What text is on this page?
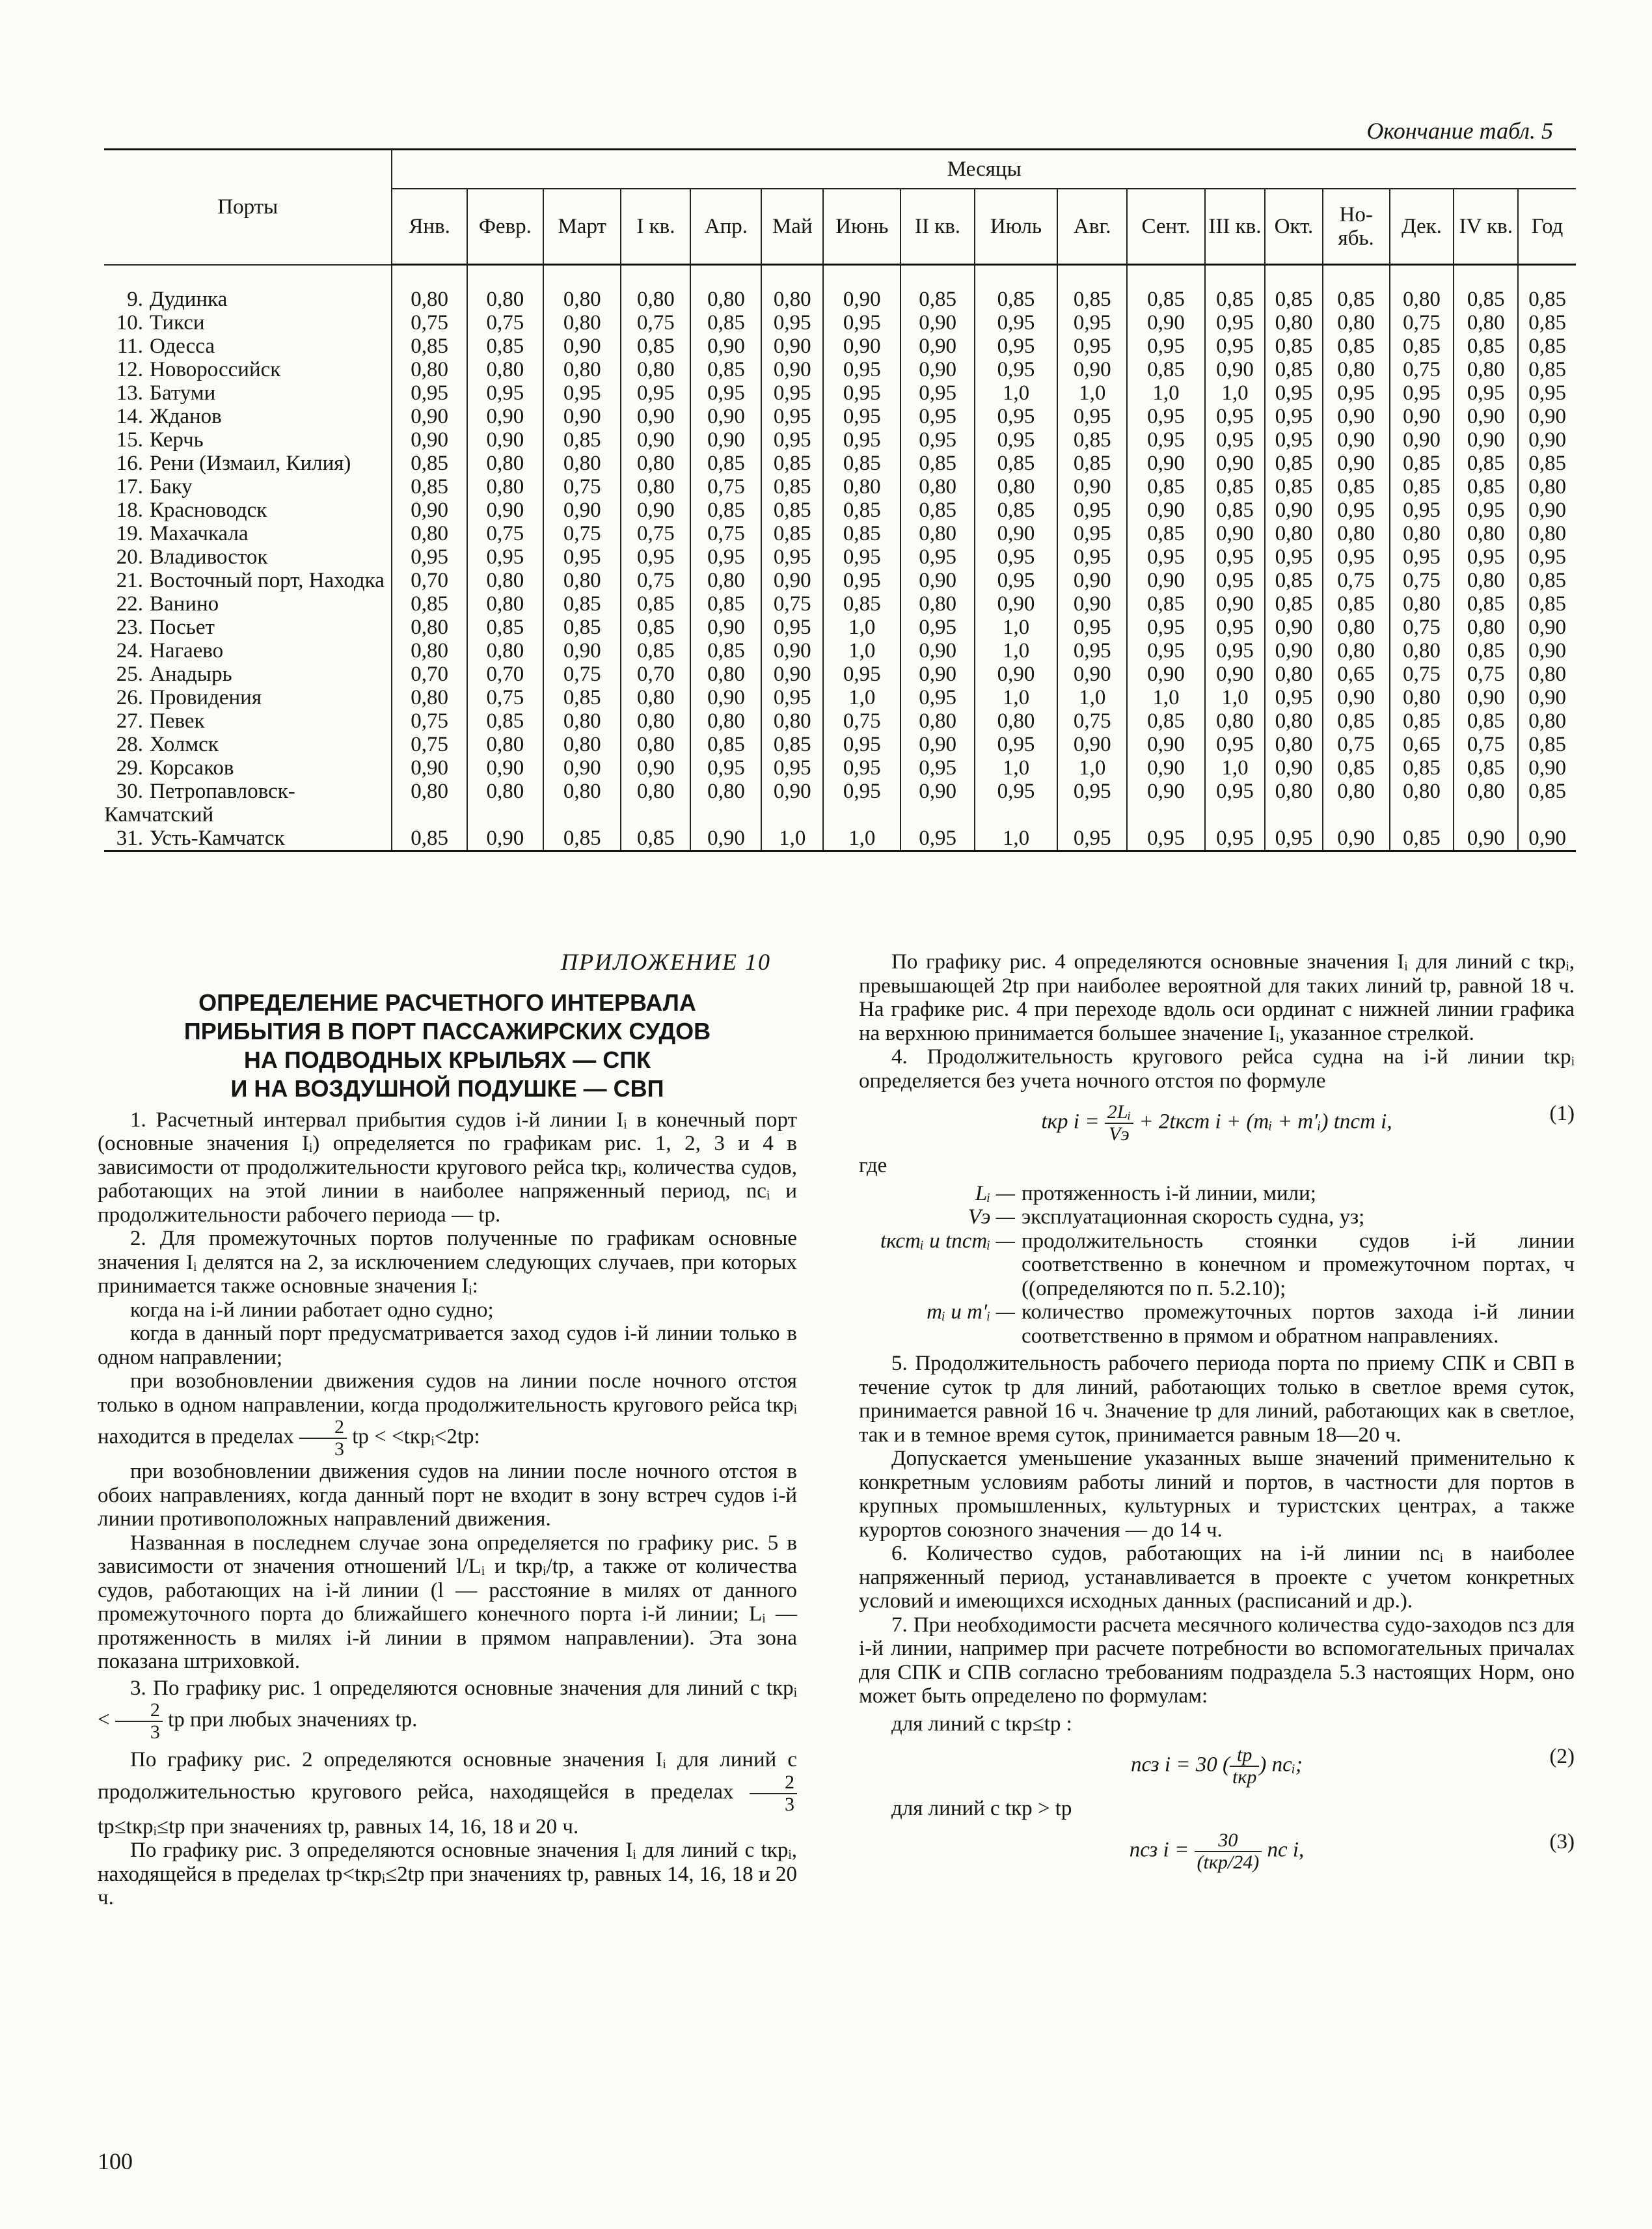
Окончание табл. 5
Порты	Месяцы																
	Янв.	Февр.	Март	I кв.	Апр.	Май	Июнь	II кв.	Июль	Авг.	Сент.	III кв.	Окт.	Но-ябь.	Дек.	IV кв.	Год
9. Дудинка	0,80	0,80	0,80	0,80	0,80	0,80	0,90	0,85	0,85	0,85	0,85	0,85	0,85	0,85	0,80	0,85	0,85
10. Тикси	0,75	0,75	0,80	0,75	0,85	0,95	0,95	0,90	0,95	0,95	0,90	0,95	0,80	0,80	0,75	0,80	0,85
11. Одесса	0,85	0,85	0,90	0,85	0,90	0,90	0,90	0,90	0,95	0,95	0,95	0,95	0,85	0,85	0,85	0,85	0,85
12. Новороссийск	0,80	0,80	0,80	0,80	0,85	0,90	0,95	0,90	0,95	0,90	0,85	0,90	0,85	0,80	0,75	0,80	0,85
13. Батуми	0,95	0,95	0,95	0,95	0,95	0,95	0,95	0,95	1,0	1,0	1,0	1,0	0,95	0,95	0,95	0,95	0,95
14. Жданов	0,90	0,90	0,90	0,90	0,90	0,95	0,95	0,95	0,95	0,95	0,95	0,95	0,95	0,90	0,90	0,90	0,90
15. Керчь	0,90	0,90	0,85	0,90	0,90	0,95	0,95	0,95	0,95	0,85	0,95	0,95	0,95	0,90	0,90	0,90	0,90
16. Рени (Измаил, Килия)	0,85	0,80	0,80	0,80	0,85	0,85	0,85	0,85	0,85	0,85	0,90	0,90	0,85	0,90	0,85	0,85	0,85
17. Баку	0,85	0,80	0,75	0,80	0,75	0,85	0,80	0,80	0,80	0,90	0,85	0,85	0,85	0,85	0,85	0,85	0,80
18. Красноводск	0,90	0,90	0,90	0,90	0,85	0,85	0,85	0,85	0,85	0,95	0,90	0,85	0,90	0,95	0,95	0,95	0,90
19. Махачкала	0,80	0,75	0,75	0,75	0,75	0,85	0,85	0,80	0,90	0,95	0,85	0,90	0,80	0,80	0,80	0,80	0,80
20. Владивосток	0,95	0,95	0,95	0,95	0,95	0,95	0,95	0,95	0,95	0,95	0,95	0,95	0,95	0,95	0,95	0,95	0,95
21. Восточный порт, Находка	0,70	0,80	0,80	0,75	0,80	0,90	0,95	0,90	0,95	0,90	0,90	0,95	0,85	0,75	0,75	0,80	0,85
22. Ванино	0,85	0,80	0,85	0,85	0,85	0,75	0,85	0,80	0,90	0,90	0,85	0,90	0,85	0,85	0,80	0,85	0,85
23. Посьет	0,80	0,85	0,85	0,85	0,90	0,95	1,0	0,95	1,0	0,95	0,95	0,95	0,90	0,80	0,75	0,80	0,90
24. Нагаево	0,80	0,80	0,90	0,85	0,85	0,90	1,0	0,90	1,0	0,95	0,95	0,95	0,90	0,80	0,80	0,85	0,90
25. Анадырь	0,70	0,70	0,75	0,70	0,80	0,90	0,95	0,90	0,90	0,90	0,90	0,90	0,80	0,65	0,75	0,75	0,80
26. Провидения	0,80	0,75	0,85	0,80	0,90	0,95	1,0	0,95	1,0	1,0	1,0	1,0	0,95	0,90	0,80	0,90	0,90
27. Певек	0,75	0,85	0,80	0,80	0,80	0,80	0,75	0,80	0,80	0,75	0,85	0,80	0,80	0,85	0,85	0,85	0,80
28. Холмск	0,75	0,80	0,80	0,80	0,85	0,85	0,95	0,90	0,95	0,90	0,90	0,95	0,80	0,75	0,65	0,75	0,85
29. Корсаков	0,90	0,90	0,90	0,90	0,95	0,95	0,95	0,95	1,0	1,0	0,90	1,0	0,90	0,85	0,85	0,85	0,90
30. Петропавловск-Камчатский	0,80	0,80	0,80	0,80	0,80	0,90	0,95	0,90	0,95	0,95	0,90	0,95	0,80	0,80	0,80	0,80	0,85
31. Усть-Камчатск	0,85	0,90	0,85	0,85	0,90	1,0	1,0	0,95	1,0	0,95	0,95	0,95	0,95	0,90	0,85	0,90	0,90
ПРИЛОЖЕНИЕ 10
ОПРЕДЕЛЕНИЕ РАСЧЕТНОГО ИНТЕРВАЛА
ПРИБЫТИЯ В ПОРТ ПАССАЖИРСКИХ СУДОВ
НА ПОДВОДНЫХ КРЫЛЬЯХ — СПК
И НА ВОЗДУШНОЙ ПОДУШКЕ — СВП

1. Расчетный интервал прибытия судов i-й линии Iᵢ в конечный порт (основные значения Iᵢ) определяется по графикам рис. 1, 2, 3 и 4 в зависимости от продолжительности кругового рейса tкрᵢ, количества судов, работающих на этой линии в наиболее напряженный период, nсᵢ и продолжительности рабочего периода — tр.

2. Для промежуточных портов полученные по графикам основные значения Iᵢ делятся на 2, за исключением следующих случаев, при которых принимается также основные значения Iᵢ:

когда на i-й линии работает одно судно;

когда в данный порт предусматривается заход судов i-й линии только в одном направлении;

при возобновлении движения судов на линии после ночного отстоя только в одном направлении, когда продолжительность кругового рейса tкрᵢ находится в пределах $\frac{2}{3}$ tр < <tкрᵢ<2tр:

при возобновлении движения судов на линии после ночного отстоя в обоих направлениях, когда данный порт не входит в зону встреч судов i-й линии противоположных направлений движения.

Названная в последнем случае зона определяется по графику рис. 5 в зависимости от значения отношений l/Lᵢ и tкрᵢ/tр, а также от количества судов, работающих на i-й линии (l — расстояние в милях от данного промежуточного порта до ближайшего конечного порта i-й линии; Lᵢ — протяженность в милях i-й линии в прямом направлении). Эта зона показана штриховкой.

3. По графику рис. 1 определяются основные значения для линий с tкрᵢ < $\frac{2}{3}$ tр при любых значениях tр.

По графику рис. 2 определяются основные значения Iᵢ для линий с продолжительностью кругового рейса, находящейся в пределах $\frac{2}{3}$
tр≤tкрᵢ≤tр при значениях tр, равных 14, 16, 18 и 20 ч.

По графику рис. 3 определяются основные значения Iᵢ для линий с tкрᵢ, находящейся в пределах tр<tкрᵢ≤2tр при значениях tр, равных 14, 16, 18 и 20 ч.

По графику рис. 4 определяются основные значения Iᵢ для линий с tкрᵢ, превышающей 2tр при наиболее вероятной для таких линий tр, равной 18 ч. На графике рис. 4 при переходе вдоль оси ординат с нижней линии графика на верхнюю принимается большее значение Iᵢ, указанное стрелкой.

4. Продолжительность кругового рейса судна на i-й линии tкрᵢ определяется без учета ночного отстоя по формуле

tкр $i = \frac{\text{2Lᵢ}}{Vэ}$ + 2tкст i + (mᵢ + m′ᵢ) tпст i,	(1)

где

Lᵢ — протяженность i-й линии, мили;
Vэ — эксплуатационная скорость судна, уз;
tкстᵢ и tпстᵢ — продолжительность стоянки судов i-й линии соответственно в конечном и промежуточном портах, ч ((определяются по п. 5.2.10);
mᵢ и m′ᵢ — количество промежуточных портов захода i-й линии соответственно в прямом и обратном направлениях.

5. Продолжительность рабочего периода порта по приему СПК и СВП в течение суток tр для линий, работающих только в светлое время суток, принимается равной 16 ч. Значение tр для линий, работающих как в светлое, так и в темное время суток, принимается равным 18—20 ч.

Допускается уменьшение указанных выше значений применительно к конкретным условиям работы линий и портов, в частности для портов в крупных промышленных, культурных и туристских центрах, а также курортов союзного значения — до 14 ч.

6. Количество судов, работающих на i-й линии nсᵢ в наиболее напряженный период, устанавливается в проекте с учетом конкретных условий и имеющихся исходных данных (расписаний и др.).

7. При необходимости расчета месячного количества судо-заходов nсз для i-й линии, например при расчете потребности во вспомогательных причалах для СПК и СПВ согласно требованиям подраздела 5.3 настоящих Норм, оно может быть определено по формулам:

для линий с tкр≤tр :

nсз i = 30 ( $\frac{tр}{\text{tкр}}$ ) nсᵢ;	(2)

для линий с tкр > tр

nсз $i = \frac{30}{\text{(tкр/24)}}$ nс i,	(3)
100
